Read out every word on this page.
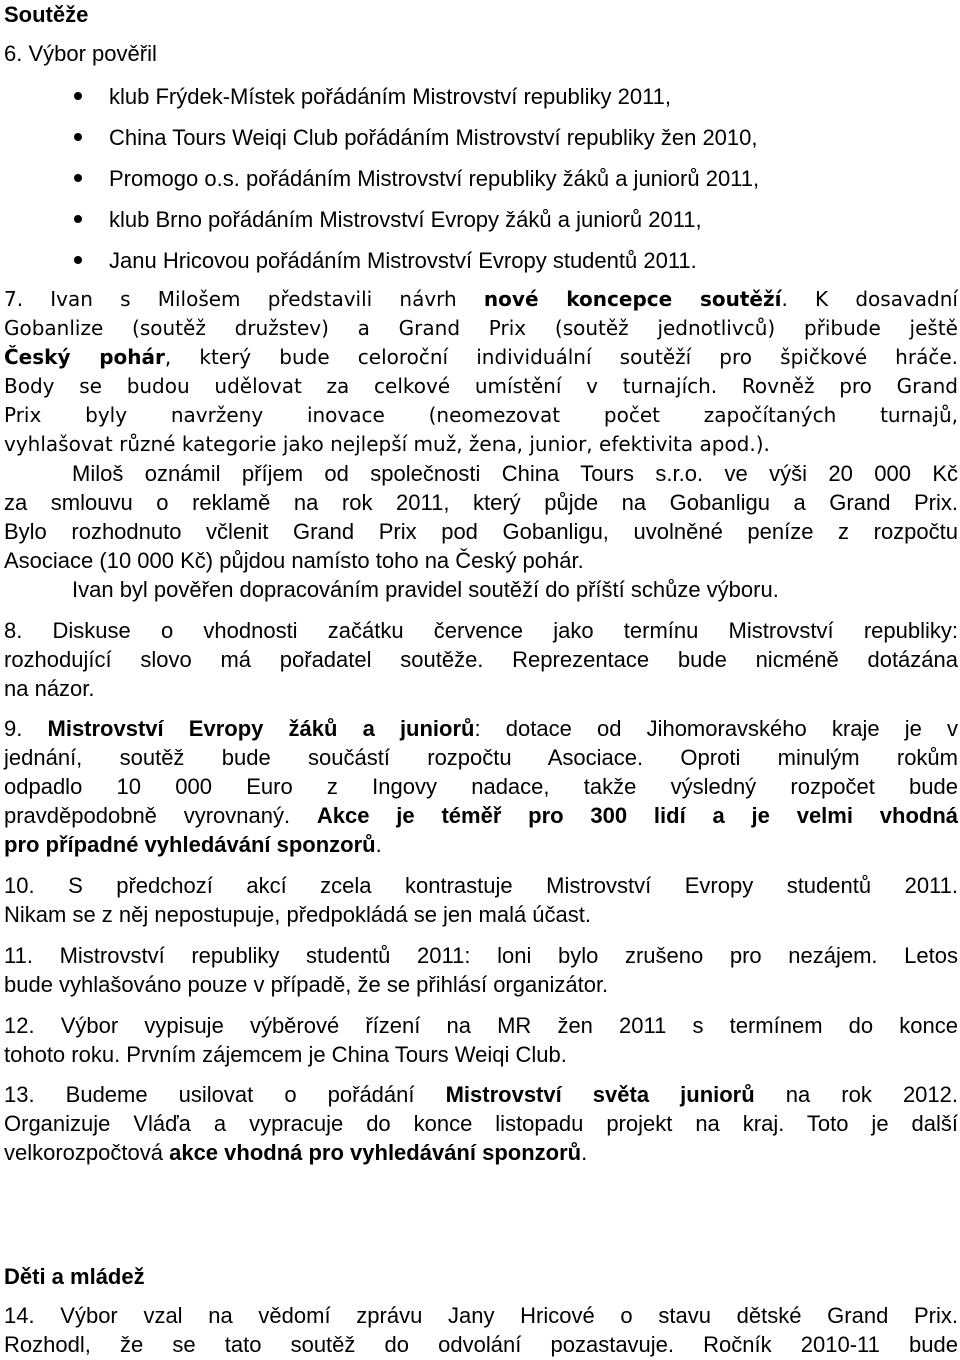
Soutěže
6. Výbor pověřil
klub Frýdek-Místek pořádáním Mistrovství republiky 2011,
China Tours Weiqi Club pořádáním Mistrovství republiky žen 2010,
Promogo o.s. pořádáním Mistrovství republiky žáků a juniorů 2011,
klub Brno pořádáním Mistrovství Evropy žáků a juniorů 2011,
Janu Hricovou pořádáním Mistrovství Evropy studentů 2011.
7. Ivan s Milošem představili návrh nové koncepce soutěží. K dosavadní
Gobanlize (soutěž družstev) a Grand Prix (soutěž jednotlivců) přibude ještě
Český pohár, který bude celoroční individuální soutěží pro špičkové hráče.
Body se budou udělovat za celkové umístění v turnajích. Rovněž pro Grand
Prix byly navrženy inovace (neomezovat počet započítaných turnajů,
vyhlašovat různé kategorie jako nejlepší muž, žena, junior, efektivita apod.).
Miloš oznámil příjem od společnosti China Tours s.r.o. ve výši 20 000 Kč
za smlouvu o reklamě na rok 2011, který půjde na Gobanligu a Grand Prix.
Bylo rozhodnuto včlenit Grand Prix pod Gobanligu, uvolněné peníze z rozpočtu
Asociace (10 000 Kč) půjdou namísto toho na Český pohár.
Ivan byl pověřen dopracováním pravidel soutěží do příští schůze výboru.
8. Diskuse o vhodnosti začátku července jako termínu Mistrovství republiky:
rozhodující slovo má pořadatel soutěže. Reprezentace bude nicméně dotázána
na názor.
9. Mistrovství Evropy žáků a juniorů: dotace od Jihomoravského kraje je v
jednání, soutěž bude součástí rozpočtu Asociace. Oproti minulým rokům
odpadlo 10 000 Euro z Ingovy nadace, takže výsledný rozpočet bude
pravděpodobně vyrovnaný. Akce je téměř pro 300 lidí a je velmi vhodná
pro případné vyhledávání sponzorů.
10. S předchozí akcí zcela kontrastuje Mistrovství Evropy studentů 2011.
Nikam se z něj nepostupuje, předpokládá se jen malá účast.
11. Mistrovství republiky studentů 2011: loni bylo zrušeno pro nezájem. Letos
bude vyhlašováno pouze v případě, že se přihlásí organizátor.
12. Výbor vypisuje výběrové řízení na MR žen 2011 s termínem do konce
tohoto roku. Prvním zájemcem je China Tours Weiqi Club.
13. Budeme usilovat o pořádání Mistrovství světa juniorů na rok 2012.
Organizuje Vláďa a vypracuje do konce listopadu projekt na kraj. Toto je další
velkorozpočtová akce vhodná pro vyhledávání sponzorů.
Děti a mládež
14. Výbor vzal na vědomí zprávu Jany Hricové o stavu dětské Grand Prix.
Rozhodl, že se tato soutěž do odvolání pozastavuje. Ročník 2010-11 bude
